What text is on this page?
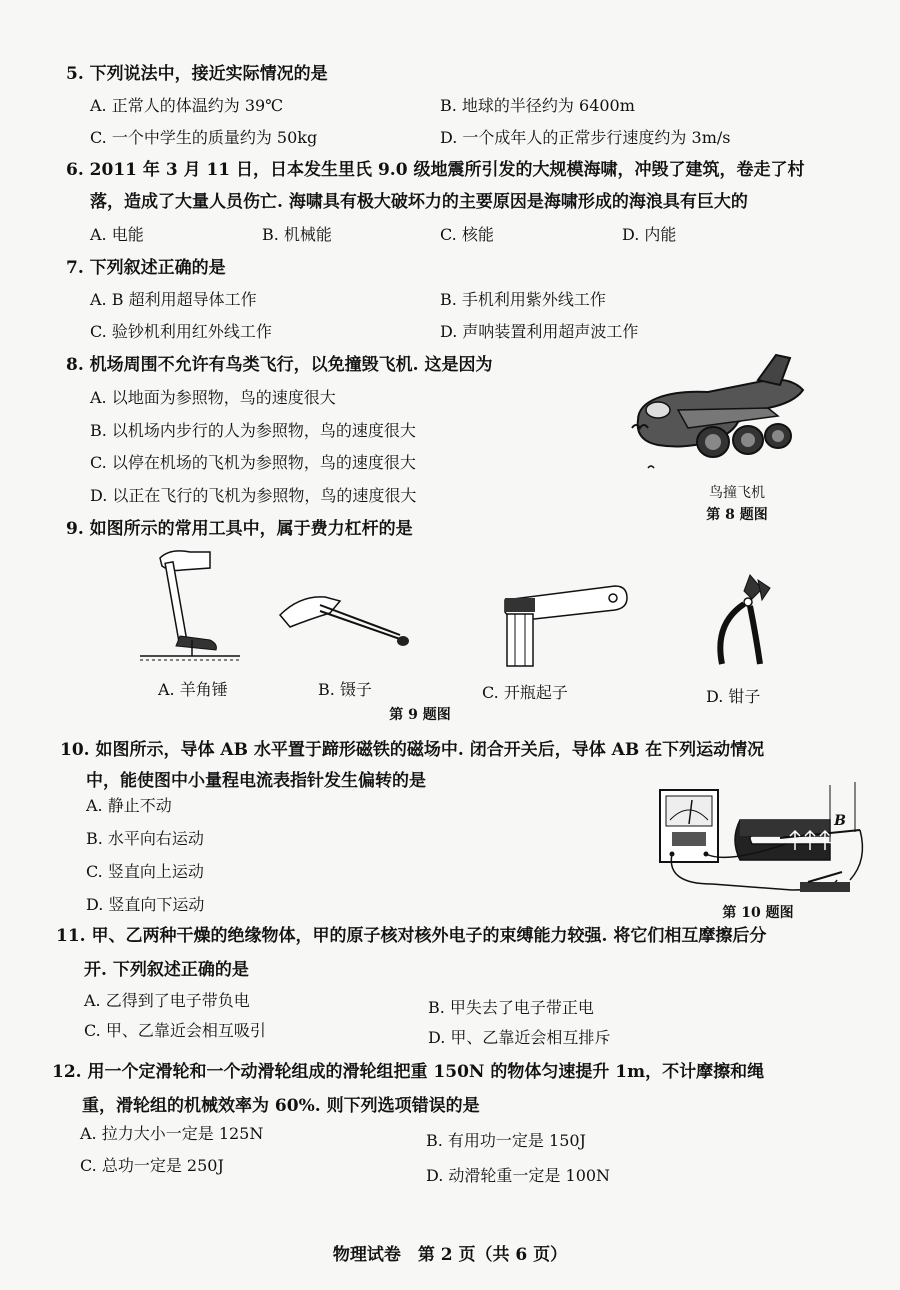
5. 下列说法中，接近实际情况的是
A. 正常人的体温约为 39℃	B. 地球的半径约为 6400m
C. 一个中学生的质量约为 50kg	D. 一个成年人的正常步行速度约为 3m/s
6. 2011 年 3 月 11 日，日本发生里氏 9.0 级地震所引发的大规模海啸，冲毁了建筑，卷走了村
落，造成了大量人员伤亡. 海啸具有极大破坏力的主要原因是海啸形成的海浪具有巨大的
A. 电能	B. 机械能	C. 核能	D. 内能
7. 下列叙述正确的是
A. B 超利用超导体工作	B. 手机利用紫外线工作
C. 验钞机利用红外线工作	D. 声呐装置利用超声波工作
8. 机场周围不允许有鸟类飞行，以免撞毁飞机. 这是因为
A. 以地面为参照物，鸟的速度很大
B. 以机场内步行的人为参照物，鸟的速度很大
C. 以停在机场的飞机为参照物，鸟的速度很大
D. 以正在飞行的飞机为参照物，鸟的速度很大	鸟撞飞机
第 8 题图
9. 如图所示的常用工具中，属于费力杠杆的是
A. 羊角锤	B. 镊子	C. 开瓶起子	D. 钳子
第 9 题图
10. 如图所示，导体 AB 水平置于蹄形磁铁的磁场中. 闭合开关后，导体 AB 在下列运动情况
中，能使图中小量程电流表指针发生偏转的是
A. 静止不动
B. 水平向右运动
C. 竖直向上运动
D. 竖直向下运动
B
第 10 题图
11. 甲、乙两种干燥的绝缘物体，甲的原子核对核外电子的束缚能力较强. 将它们相互摩擦后分
开. 下列叙述正确的是
A. 乙得到了电子带负电	B. 甲失去了电子带正电
C. 甲、乙靠近会相互吸引	D. 甲、乙靠近会相互排斥
12. 用一个定滑轮和一个动滑轮组成的滑轮组把重 150N 的物体匀速提升 1m，不计摩擦和绳
重，滑轮组的机械效率为 60%. 则下列选项错误的是
A. 拉力大小一定是 125N	B. 有用功一定是 150J
C. 总功一定是 250J
D. 动滑轮重一定是 100N
物理试卷　第 2 页（共 6 页）
